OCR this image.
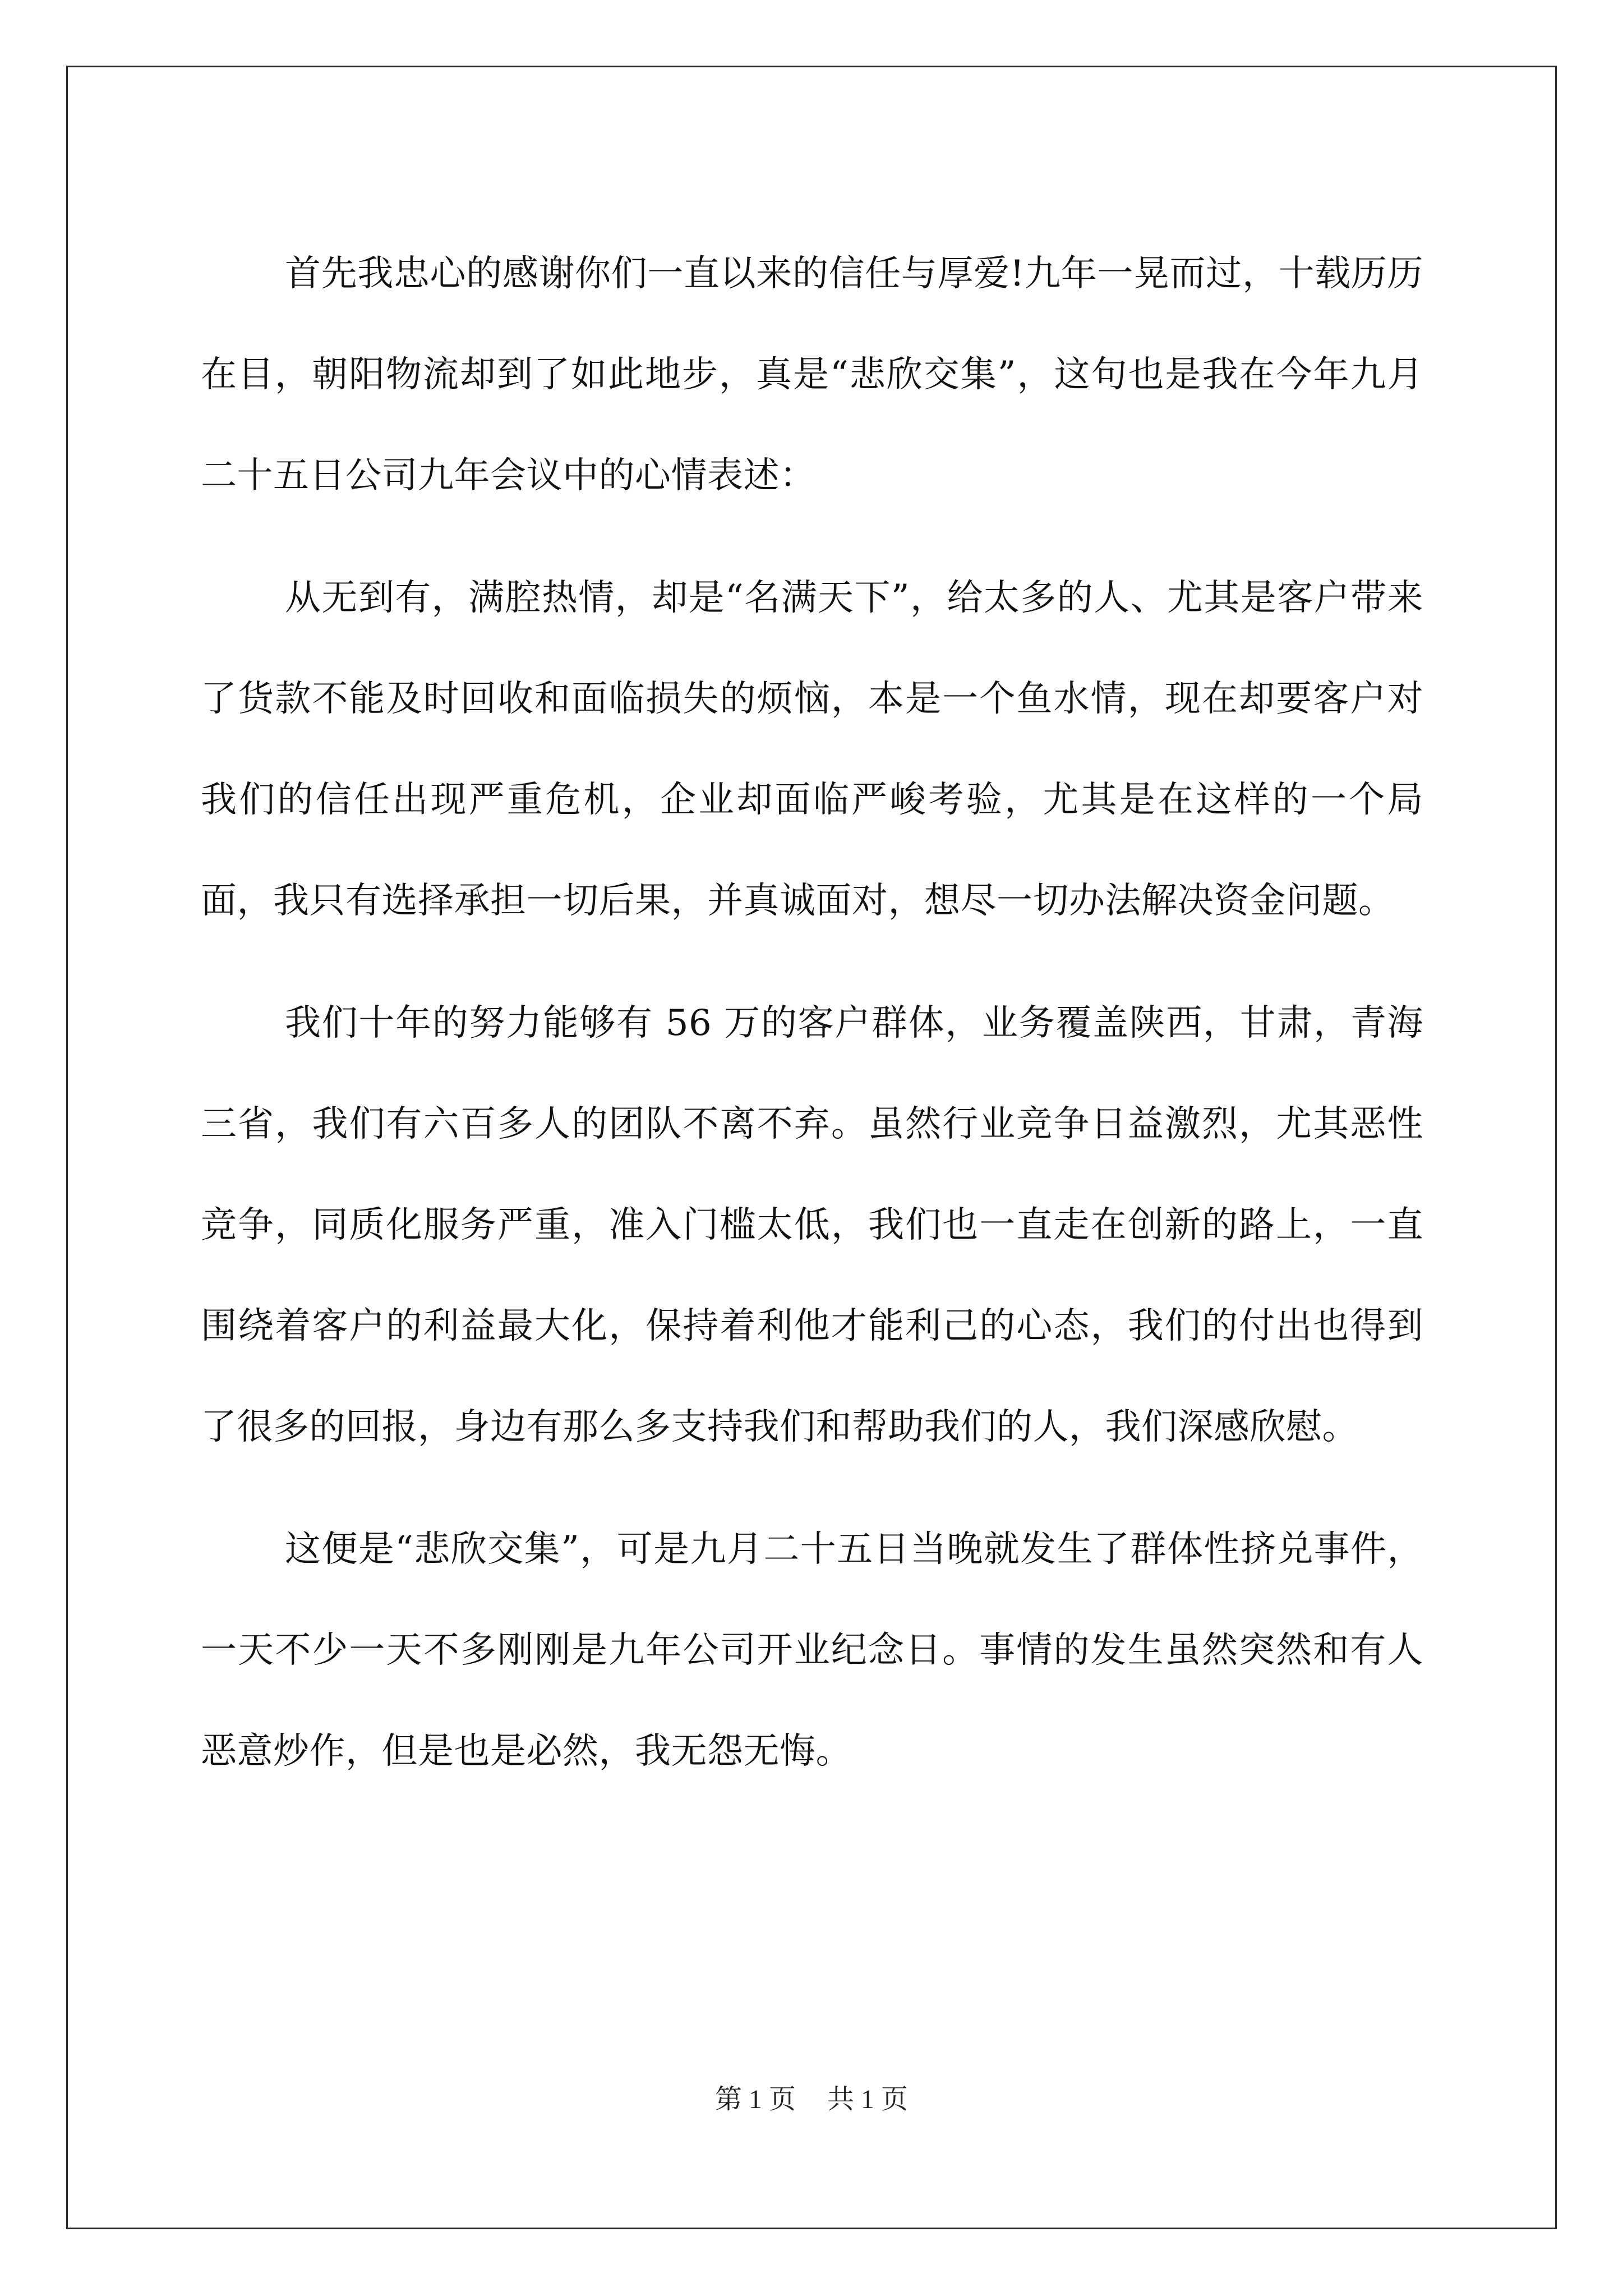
首先我忠心的感谢你们一直以来的信任与厚爱!九年一晃而过，十载历历在目，朝阳物流却到了如此地步，真是“悲欣交集”，这句也是我在今年九月二十五日公司九年会议中的心情表述：

从无到有，满腔热情，却是“名满天下”，给太多的人、尤其是客户带来了货款不能及时回收和面临损失的烦恼，本是一个鱼水情，现在却要客户对我们的信任出现严重危机，企业却面临严峻考验，尤其是在这样的一个局面，我只有选择承担一切后果，并真诚面对，想尽一切办法解决资金问题。

我们十年的努力能够有 56 万的客户群体，业务覆盖陕西，甘肃，青海三省，我们有六百多人的团队不离不弃。虽然行业竞争日益激烈，尤其恶性竞争，同质化服务严重，准入门槛太低，我们也一直走在创新的路上，一直围绕着客户的利益最大化，保持着利他才能利己的心态，我们的付出也得到了很多的回报，身边有那么多支持我们和帮助我们的人，我们深感欣慰。

这便是“悲欣交集”，可是九月二十五日当晚就发生了群体性挤兑事件，一天不少一天不多刚刚是九年公司开业纪念日。事情的发生虽然突然和有人恶意炒作，但是也是必然，我无怨无悔。

第 1 页 共 1 页
